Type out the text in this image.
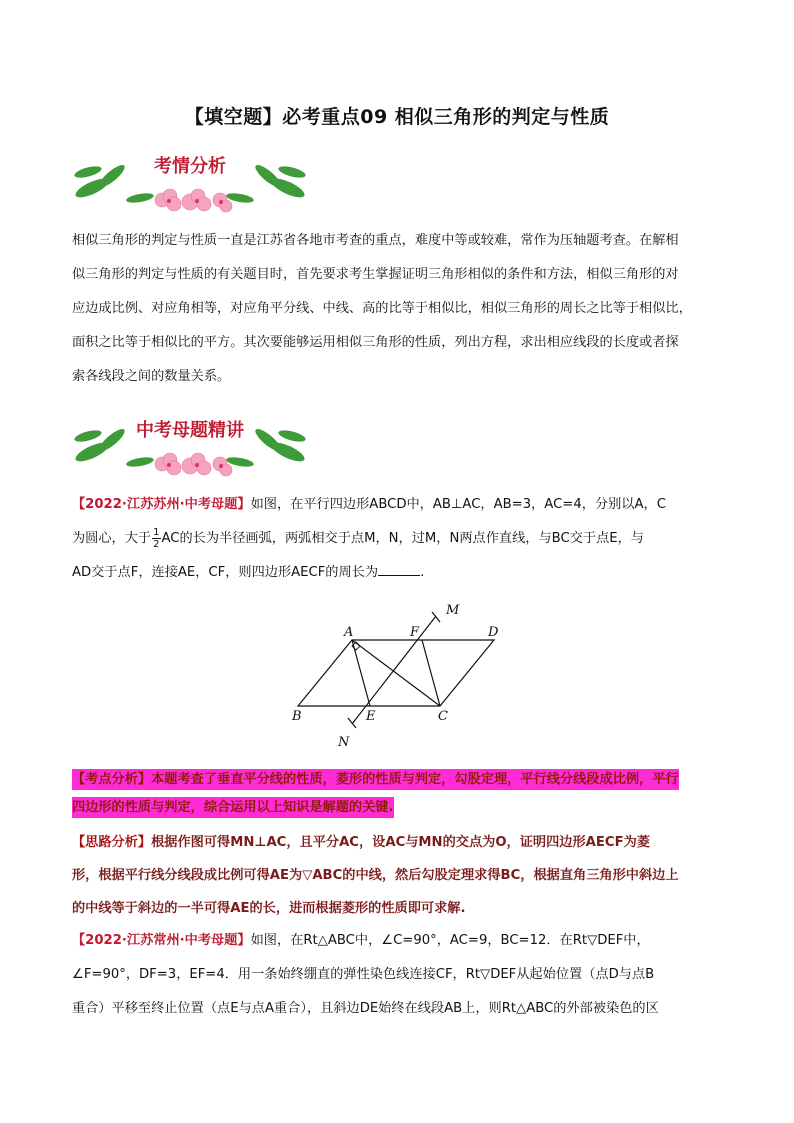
【填空题】必考重点09 相似三角形的判定与性质
考情分析

相似三角形的判定与性质一直是江苏省各地市考查的重点，难度中等或较难，常作为压轴题考查。在解相

似三角形的判定与性质的有关题目时，首先要求考生掌握证明三角形相似的条件和方法，相似三角形的对

应边成比例、对应角相等，对应角平分线、中线、高的比等于相似比，相似三角形的周长之比等于相似比，

面积之比等于相似比的平方。其次要能够运用相似三角形的性质，列出方程，求出相应线段的长度或者探

索各线段之间的数量关系。

中考母题精讲

【2022·江苏苏州·中考母题】如图，在平行四边形ABCD中，AB⊥AC，AB=3，AC=4，分别以A，C

为圆心，大于 $\frac{1}{2}$ AC的长为半径画弧，两弧相交于点M，N，过M，N两点作直线，与BC交于点E，与

AD交于点F，连接AE，CF，则四边形AECF的周长为	.

A	F
M
D
B	E	C
N
【考点分析】本题考查了垂直平分线的性质，菱形的性质与判定，勾股定理，平行线分线段成比例，平行
四边形的性质与判定，综合运用以上知识是解题的关键.

【思路分析】根据作图可得MN⊥AC，且平分AC，设AC与MN的交点为O，证明四边形AECF为菱

形，根据平行线分线段成比例可得AE为▽ABC的中线，然后勾股定理求得BC，根据直角三角形中斜边上

的中线等于斜边的一半可得AE的长，进而根据菱形的性质即可求解.

【2022·江苏常州·中考母题】如图，在Rt△ABC中，∠C=90°，AC=9，BC=12．在Rt▽DEF中，

∠F=90°，DF=3，EF=4．用一条始终绷直的弹性染色线连接CF，Rt▽DEF从起始位置（点D与点B

重合）平移至终止位置（点E与点A重合），且斜边DE始终在线段AB上，则Rt△ABC的外部被染色的区
